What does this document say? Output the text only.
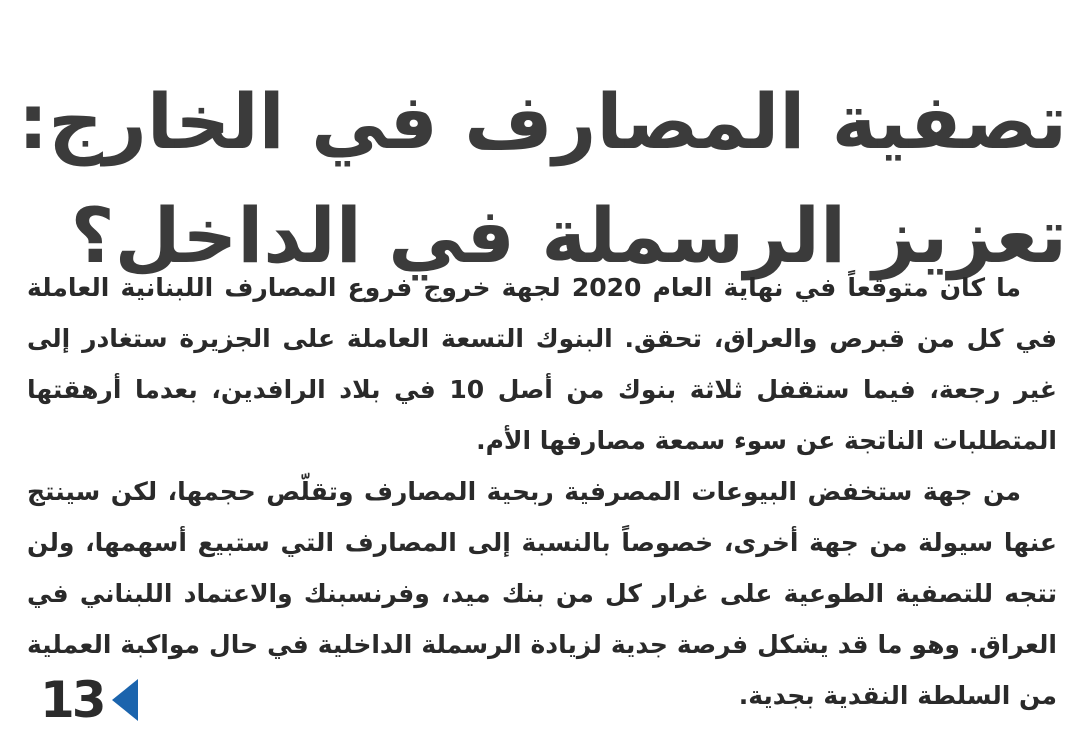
تصفية المصارف في الخارج:
تعزيز الرسملة في الداخل؟

ما كان متوقعاً في نهاية العام 2020 لجهة خروج فروع المصارف اللبنانية العاملة في كل من قبرص والعراق، تحقق. البنوك التسعة العاملة على الجزيرة ستغادر إلى غير رجعة، فيما ستقفل ثلاثة بنوك من أصل 10 في بلاد الرافدين، بعدما أرهقتها المتطلبات الناتجة عن سوء سمعة مصارفها الأم.

من جهة ستخفض البيوعات المصرفية ربحية المصارف وتقلّص حجمها، لكن سينتج عنها سيولة من جهة أخرى، خصوصاً بالنسبة إلى المصارف التي ستبيع أسهمها، ولن تتجه للتصفية الطوعية على غرار كل من بنك ميد، وفرنسبنك والاعتماد اللبناني في العراق. وهو ما قد يشكل فرصة جدية لزيادة الرسملة الداخلية في حال مواكبة العملية من السلطة النقدية بجدية.

13
